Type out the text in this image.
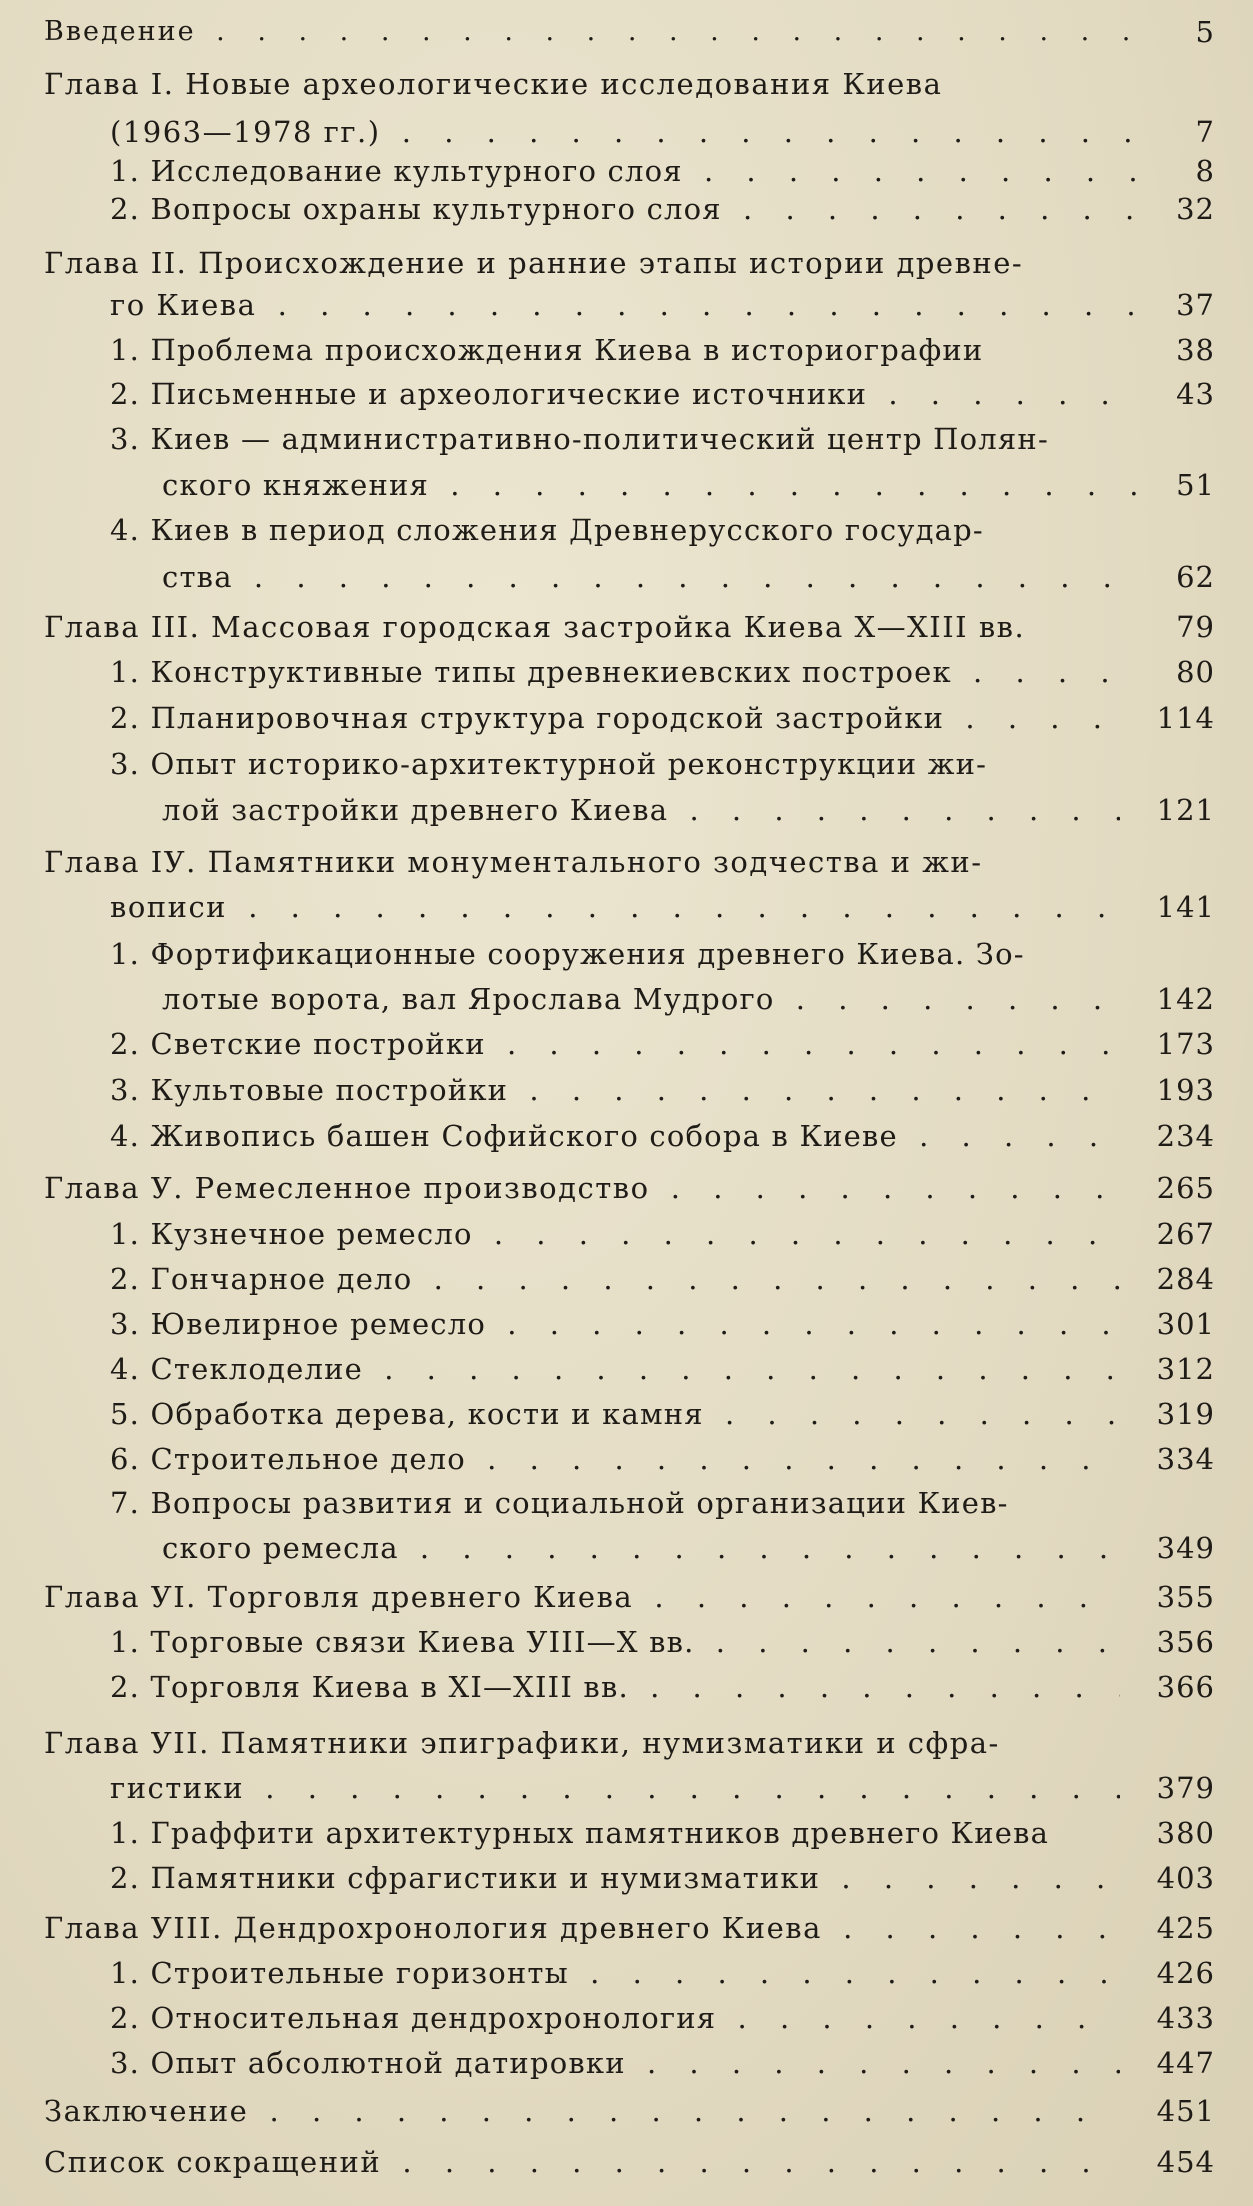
Введение . . .	5
Глава I. Новые археологические исследования Киева
(1963—1978 гг.) . . .	7
1. Исследование культурного слоя . . .	8
2. Вопросы охраны культурного слоя . . .	32
Глава II. Происхождение и ранние этапы истории древне-
го Киева . . .	37
1. Проблема происхождения Киева в историографии	38
2. Письменные и археологические источники . . .	43
3. Киев — административно-политический центр Полян-
ского княжения . . .	51
4. Киев в период сложения Древнерусского государ-
ства . . .	62
Глава III. Массовая городская застройка Киева X—XIII вв.	79
1. Конструктивные типы древнекиевских построек . . .	80
2. Планировочная структура городской застройки . . .	114
3. Опыт историко-архитектурной реконструкции жи-
лой застройки древнего Киева . . .	121
Глава IУ. Памятники монументального зодчества и жи-
вописи . . .	141
1. Фортификационные сооружения древнего Киева. Зо-
лотые ворота, вал Ярослава Мудрого . . .	142
2. Светские постройки . . .	173
3. Культовые постройки . . .	193
4. Живопись башен Софийского собора в Киеве . . .	234
Глава У. Ремесленное производство . . .	265
1. Кузнечное ремесло . . .	267
2. Гончарное дело . . .	284
3. Ювелирное ремесло . . .	301
4. Стеклоделие . . .	312
5. Обработка дерева, кости и камня . . .	319
6. Строительное дело . . .	334
7. Вопросы развития и социальной организации Киев-
ского ремесла . . .	349
Глава УI. Торговля древнего Киева . . .	355
1. Торговые связи Киева УIII—X вв. . . .	356
2. Торговля Киева в XI—XIII вв. . . .	366
Глава УII. Памятники эпиграфики, нумизматики и сфра-
гистики . . .	379
1. Граффити архитектурных памятников древнего Киева	380
2. Памятники сфрагистики и нумизматики . . .	403
Глава УIII. Дендрохронология древнего Киева . . .	425
1. Строительные горизонты . . .	426
2. Относительная дендрохронология . . .	433
3. Опыт абсолютной датировки . . .	447
Заключение . . .	451
Список сокращений . . .	454
